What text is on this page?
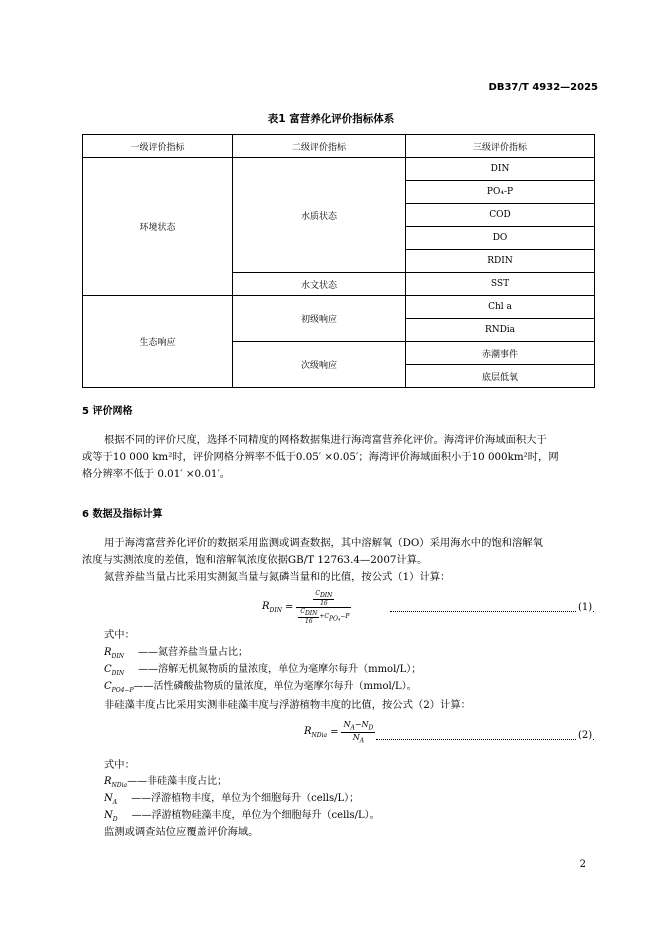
DB37/T 4932—2025
表1 富营养化评价指标体系
一级评价指标	二级评价指标	三级评价指标
环境状态	水质状态	DIN
		PO₄-P
		COD
		DO
		RDIN
	水文状态	SST
生态响应	初级响应	Chl a
		RNDia
	次级响应	赤潮事件
		底层低氧
5 评价网格
根据不同的评价尺度，选择不同精度的网格数据集进行海湾富营养化评价。海湾评价海域面积大于
或等于10 000 km²时，评价网格分辨率不低于0.05′ ×0.05′；海湾评价海域面积小于10 000km²时，网
格分辨率不低于 0.01′ ×0.01′。
6 数据及指标计算
用于海湾富营养化评价的数据采用监测或调查数据，其中溶解氧（DO）采用海水中的饱和溶解氧
浓度与实测浓度的差值，饱和溶解氧浓度依据GB/T 12763.4—2007计算。
氮营养盐当量占比采用实测氮当量与氮磷当量和的比值，按公式（1）计算：
$R_{DIN} = \frac{\frac{C_{DIN}}{16}}{\frac{C_{DIN}}{16} +C_{PO_4}-P}$	(1)
式中：
$R_{DIN}$ ——氮营养盐当量占比；
$C_{DIN}$ ——溶解无机氮物质的量浓度，单位为毫摩尔每升（mmol/L）；
$C_{PO4-P}——$活性磷酸盐物质的量浓度，单位为毫摩尔每升（mmol/L）。
非硅藻丰度占比采用实测非硅藻丰度与浮游植物丰度的比值，按公式（2）计算：
$R_{NDia} = \frac{N_A-N_D}{N_A}$	(2)
式中：
$R_{NDia}——$非硅藻丰度占比；
$N_A$ ——浮游植物丰度，单位为个细胞每升（cells/L）；
$N_D$ ——浮游植物硅藻丰度，单位为个细胞每升（cells/L）。
监测或调查站位应覆盖评价海域。
2
